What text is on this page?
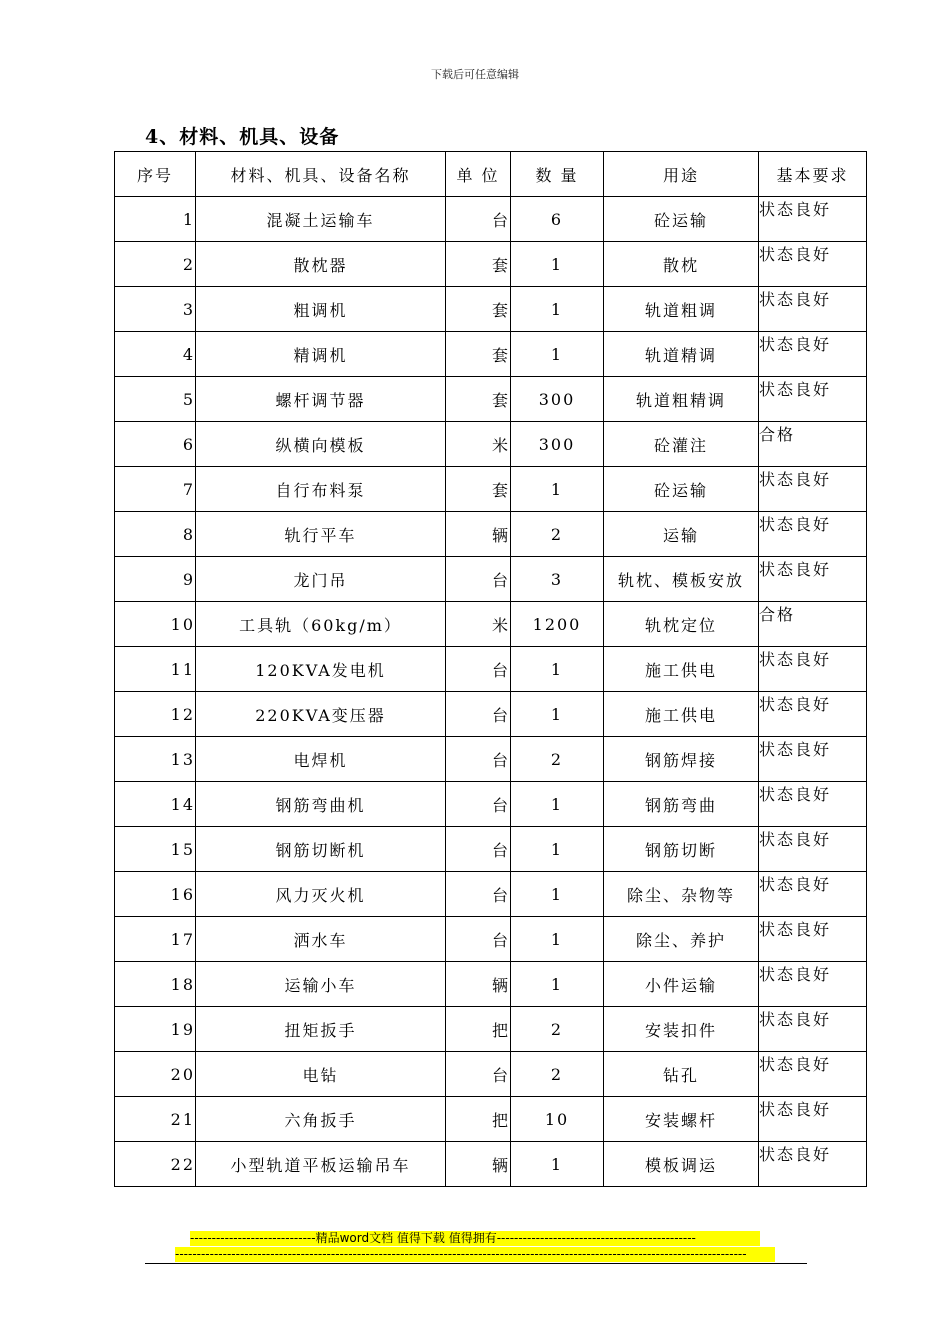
下载后可任意编辑
4、材料、机具、设备
序号	材料、机具、设备名称	单 位	数 量	用途	基本要求
1	混凝土运输车	台	6	砼运输	状态良好
2	散枕器	套	1	散枕	状态良好
3	粗调机	套	1	轨道粗调	状态良好
4	精调机	套	1	轨道精调	状态良好
5	螺杆调节器	套	300	轨道粗精调	状态良好
6	纵横向模板	米	300	砼灌注	合格
7	自行布料泵	套	1	砼运输	状态良好
8	轨行平车	辆	2	运输	状态良好
9	龙门吊	台	3	轨枕、模板安放	状态良好
10	工具轨（60kg/m）	米	1200	轨枕定位	合格
11	120KVA发电机	台	1	施工供电	状态良好
12	220KVA变压器	台	1	施工供电	状态良好
13	电焊机	台	2	钢筋焊接	状态良好
14	钢筋弯曲机	台	1	钢筋弯曲	状态良好
15	钢筋切断机	台	1	钢筋切断	状态良好
16	风力灭火机	台	1	除尘、杂物等	状态良好
17	洒水车	台	1	除尘、养护	状态良好
18	运输小车	辆	1	小件运输	状态良好
19	扭矩扳手	把	2	安装扣件	状态良好
20	电钻	台	2	钻孔	状态良好
21	六角扳手	把	10	安装螺杆	状态良好
22	小型轨道平板运输吊车	辆	1	模板调运	状态良好
-----------------------------精品word文档 值得下载 值得拥有----------------------------------------------
------------------------------------------------------------------------------------------------------------------------------------
